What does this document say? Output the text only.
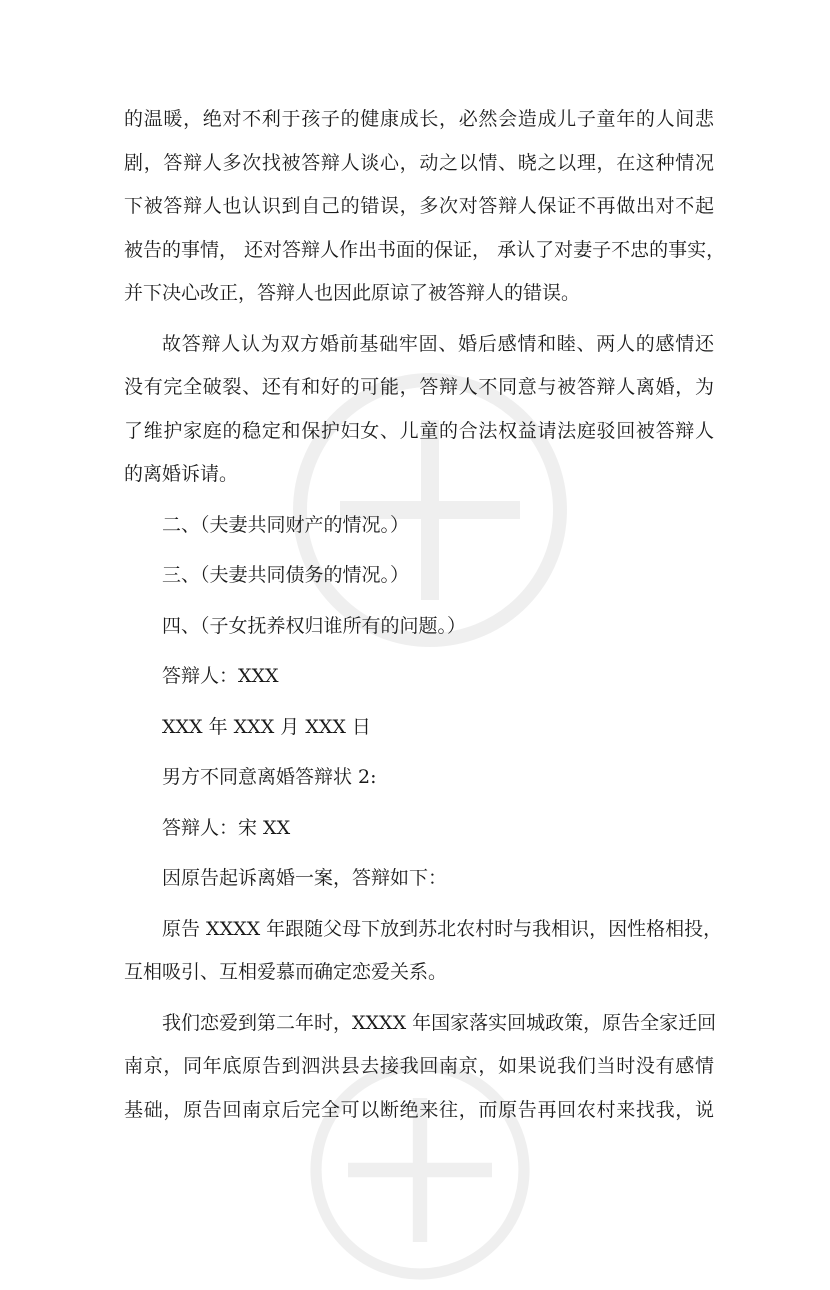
的温暖，绝对不利于孩子的健康成长，必然会造成儿子童年的人间悲
剧，答辩人多次找被答辩人谈心，动之以情、晓之以理，在这种情况
下被答辩人也认识到自己的错误，多次对答辩人保证不再做出对不起
被告的事情， 还对答辩人作出书面的保证， 承认了对妻子不忠的事实，
并下决心改正，答辩人也因此原谅了被答辩人的错误。

故答辩人认为双方婚前基础牢固、婚后感情和睦、两人的感情还
没有完全破裂、还有和好的可能，答辩人不同意与被答辩人离婚，为
了维护家庭的稳定和保护妇女、儿童的合法权益请法庭驳回被答辩人
的离婚诉请。

二、（夫妻共同财产的情况。）

三、（夫妻共同债务的情况。）

四、（子女抚养权归谁所有的问题。）

答辩人：XXX

XXX 年 XXX 月 XXX 日

男方不同意离婚答辩状 2:

答辩人：宋 XX

因原告起诉离婚一案，答辩如下：

原告 XXXX 年跟随父母下放到苏北农村时与我相识，因性格相投，
互相吸引、互相爱慕而确定恋爱关系。

我们恋爱到第二年时，XXXX 年国家落实回城政策，原告全家迁回
南京，同年底原告到泗洪县去接我回南京，如果说我们当时没有感情
基础，原告回南京后完全可以断绝来往，而原告再回农村来找我，说
